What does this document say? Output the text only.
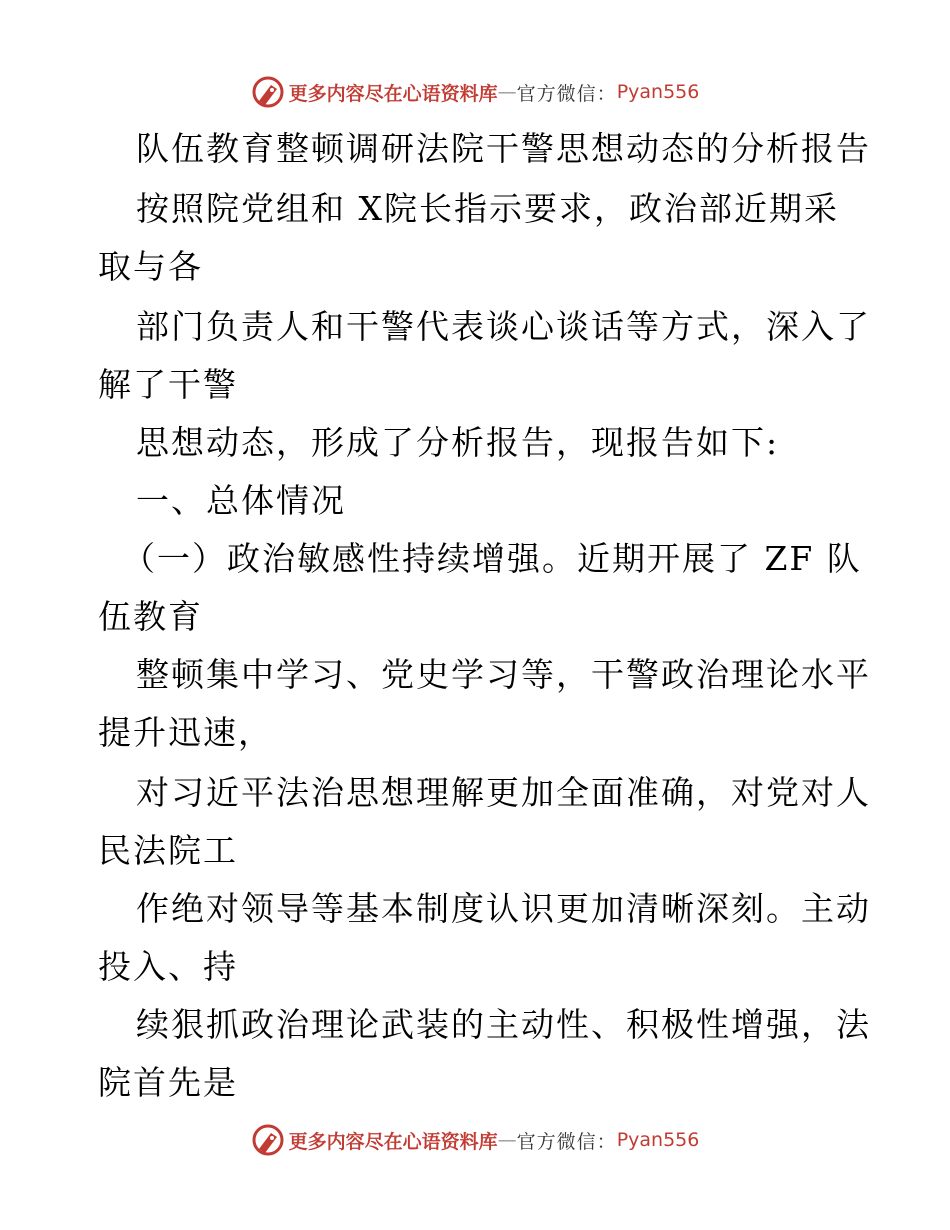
更多内容尽在心语资料库 — 官方微信： Pyan556
队伍教育整顿调研法院干警思想动态的分析报告
按照院党组和 X院长指示要求，政治部近期采
取与各
部门负责人和干警代表谈心谈话等方式，深入了
解了干警
思想动态，形成了分析报告，现报告如下:
一、总体情况
（一）政治敏感性持续增强。近期开展了 ZF 队
伍教育
整顿集中学习、党史学习等，干警政治理论水平
提升迅速，
对习近平法治思想理解更加全面准确，对党对人
民法院工
作绝对领导等基本制度认识更加清晰深刻。主动
投入、持
续狠抓政治理论武装的主动性、积极性增强，法
院首先是
更多内容尽在心语资料库 — 官方微信： Pyan556
